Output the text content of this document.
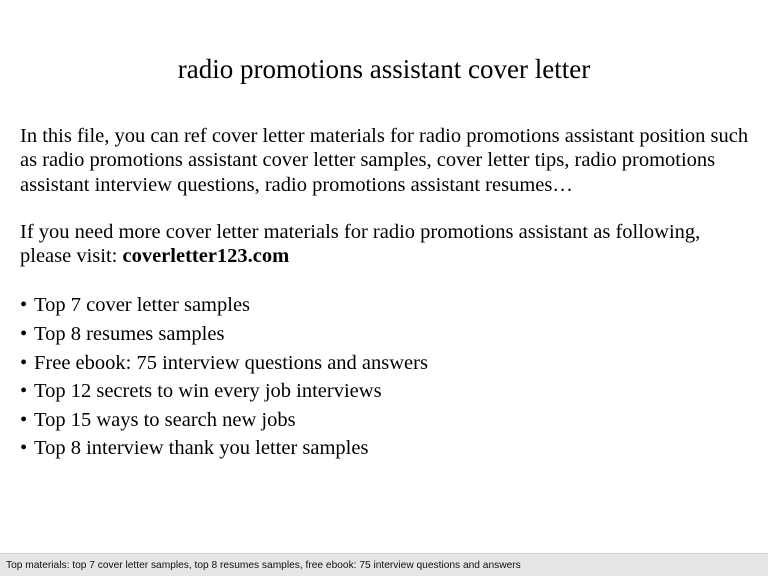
radio promotions assistant cover letter

In this file, you can ref cover letter materials for radio promotions assistant position such as radio promotions assistant cover letter samples, cover letter tips, radio promotions assistant interview questions, radio promotions assistant resumes…

If you need more cover letter materials for radio promotions assistant as following, please visit: coverletter123.com

• Top 7 cover letter samples
• Top 8 resumes samples
• Free ebook: 75 interview questions and answers
• Top 12 secrets to win every job interviews
• Top 15 ways to search new jobs
• Top 8 interview thank you letter samples
Top materials: top 7 cover letter samples, top 8 resumes samples, free ebook: 75 interview questions and answers
